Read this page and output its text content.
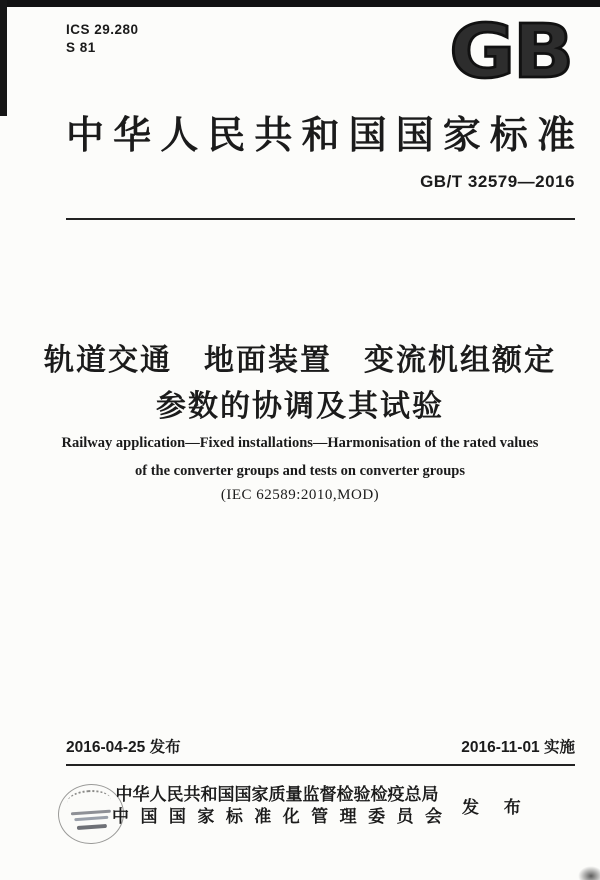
ICS 29.280
S 81	GB
中华人民共和国国家标准
GB/T 32579—2016
轨道交通　地面装置　变流机组额定
参数的协调及其试验
Railway application—Fixed installations—Harmonisation of the rated values
of the converter groups and tests on converter groups
(IEC 62589:2010,MOD)
2016-04-25 发布	2016-11-01 实施
中华人民共和国国家质量监督检验检疫总局
中国国家标准化管理委员会 发 布
